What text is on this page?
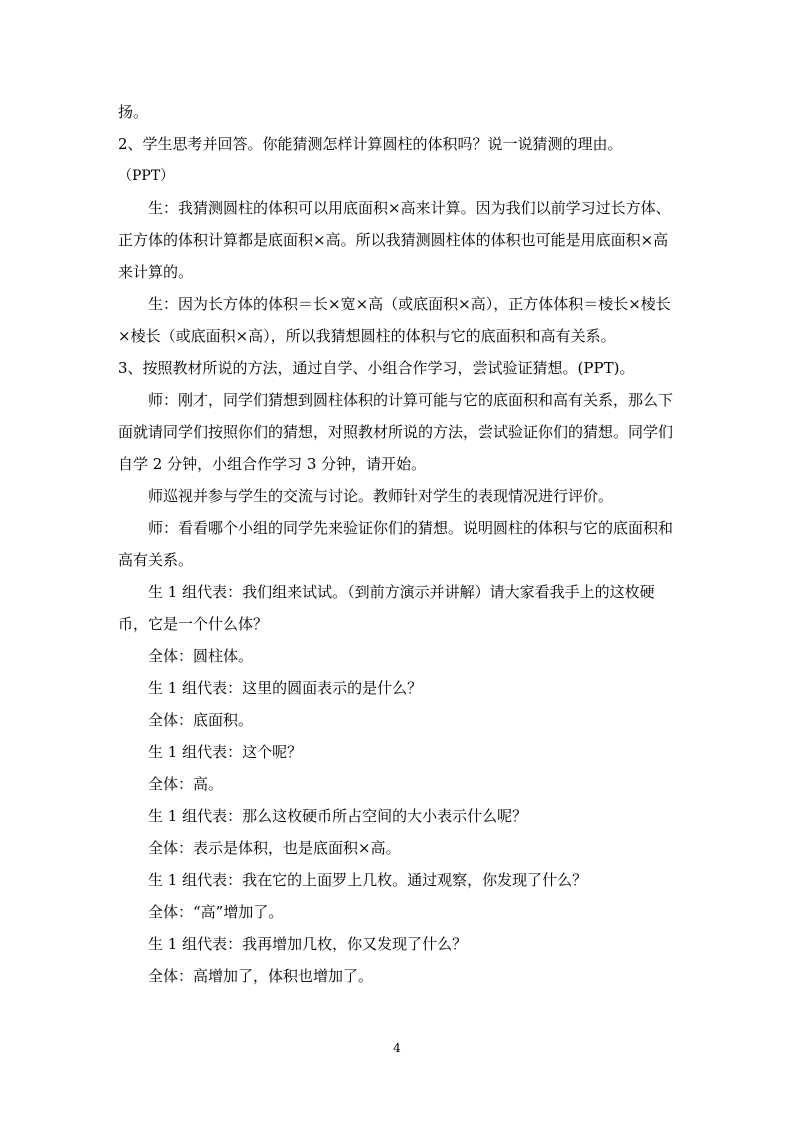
扬。

2、学生思考并回答。你能猜测怎样计算圆柱的体积吗？说一说猜测的理由。

（PPT）

生：我猜测圆柱的体积可以用底面积×高来计算。因为我们以前学习过长方体、正方体的体积计算都是底面积×高。所以我猜测圆柱体的体积也可能是用底面积×高来计算的。

生：因为长方体的体积＝长×宽×高（或底面积×高），正方体体积＝棱长×棱长×棱长（或底面积×高），所以我猜想圆柱的体积与它的底面积和高有关系。

3、按照教材所说的方法，通过自学、小组合作学习，尝试验证猜想。(PPT)。

师：刚才，同学们猜想到圆柱体积的计算可能与它的底面积和高有关系，那么下面就请同学们按照你们的猜想，对照教材所说的方法，尝试验证你们的猜想。同学们自学 2 分钟，小组合作学习 3 分钟，请开始。

师巡视并参与学生的交流与讨论。教师针对学生的表现情况进行评价。

师：看看哪个小组的同学先来验证你们的猜想。说明圆柱的体积与它的底面积和高有关系。

生 1 组代表：我们组来试试。（到前方演示并讲解）请大家看我手上的这枚硬币，它是一个什么体？

全体：圆柱体。

生 1 组代表：这里的圆面表示的是什么？

全体：底面积。

生 1 组代表：这个呢？

全体：高。

生 1 组代表：那么这枚硬币所占空间的大小表示什么呢？

全体：表示是体积，也是底面积×高。

生 1 组代表：我在它的上面罗上几枚。通过观察，你发现了什么？

全体：“高”增加了。

生 1 组代表：我再增加几枚，你又发现了什么？

全体：高增加了，体积也增加了。

4
